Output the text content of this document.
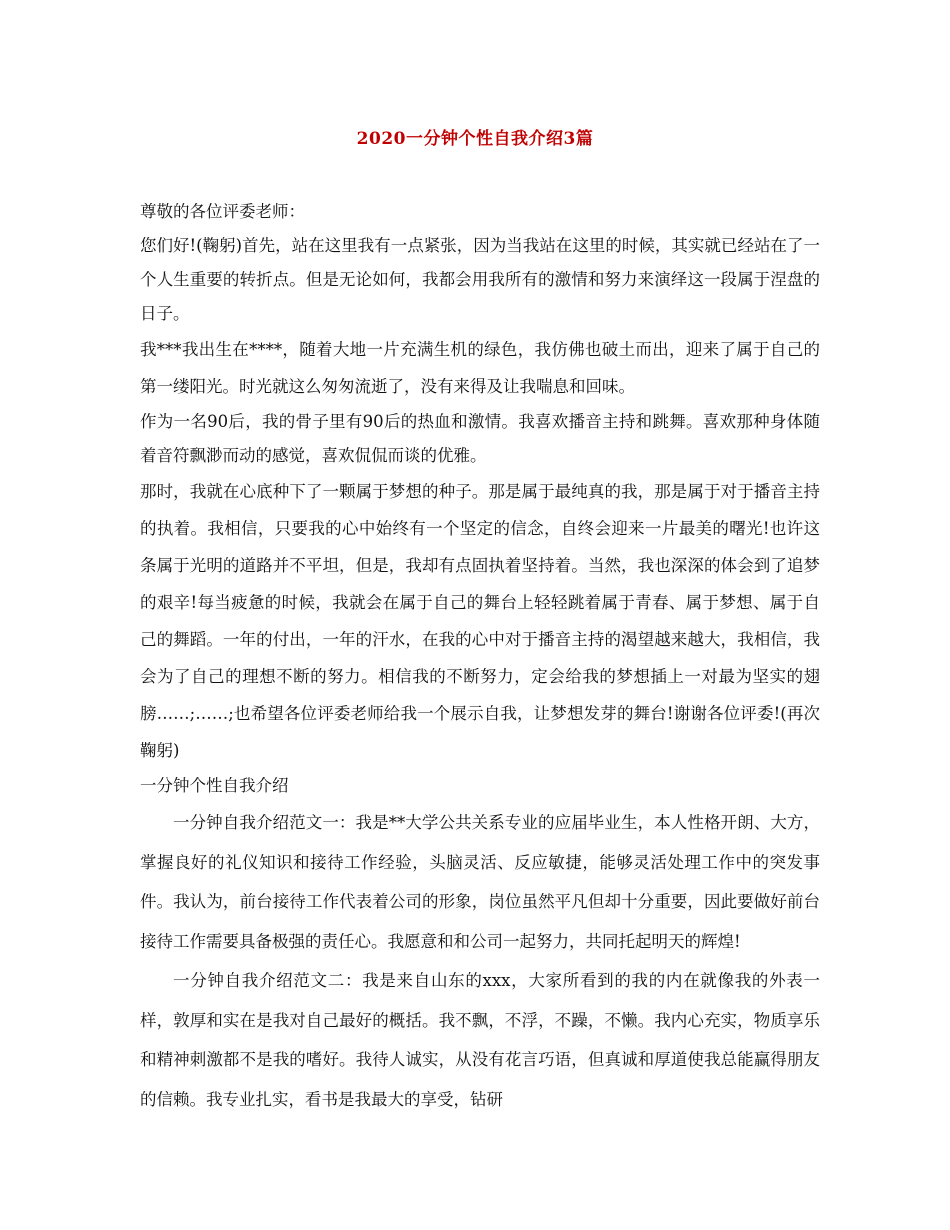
2020一分钟个性自我介绍3篇

尊敬的各位评委老师：

您们好!(鞠躬)首先，站在这里我有一点紧张，因为当我站在这里的时候，其实就已经站在了一个人生重要的转折点。但是无论如何，我都会用我所有的激情和努力来演绎这一段属于涅盘的日子。

我***我出生在****，随着大地一片充满生机的绿色，我仿佛也破土而出，迎来了属于自己的第一缕阳光。时光就这么匆匆流逝了，没有来得及让我喘息和回味。

作为一名90后，我的骨子里有90后的热血和激情。我喜欢播音主持和跳舞。喜欢那种身体随着音符飘渺而动的感觉，喜欢侃侃而谈的优雅。

那时，我就在心底种下了一颗属于梦想的种子。那是属于最纯真的我，那是属于对于播音主持的执着。我相信，只要我的心中始终有一个坚定的信念，自终会迎来一片最美的曙光!也许这条属于光明的道路并不平坦，但是，我却有点固执着坚持着。当然，我也深深的体会到了追梦的艰辛!每当疲惫的时候，我就会在属于自己的舞台上轻轻跳着属于青春、属于梦想、属于自己的舞蹈。一年的付出，一年的汗水，在我的心中对于播音主持的渴望越来越大，我相信，我会为了自己的理想不断的努力。相信我的不断努力，定会给我的梦想插上一对最为坚实的翅膀……;……;也希望各位评委老师给我一个展示自我，让梦想发芽的舞台!谢谢各位评委!(再次鞠躬)

一分钟个性自我介绍

一分钟自我介绍范文一：我是**大学公共关系专业的应届毕业生，本人性格开朗、大方，掌握良好的礼仪知识和接待工作经验，头脑灵活、反应敏捷，能够灵活处理工作中的突发事件。我认为，前台接待工作代表着公司的形象，岗位虽然平凡但却十分重要，因此要做好前台接待工作需要具备极强的责任心。我愿意和和公司一起努力，共同托起明天的辉煌!

一分钟自我介绍范文二：我是来自山东的xxx，大家所看到的我的内在就像我的外表一样，敦厚和实在是我对自己最好的概括。我不飘，不浮，不躁，不懒。我内心充实，物质享乐和精神刺激都不是我的嗜好。我待人诚实，从没有花言巧语，但真诚和厚道使我总能赢得朋友的信赖。我专业扎实，看书是我最大的享受，钻研
